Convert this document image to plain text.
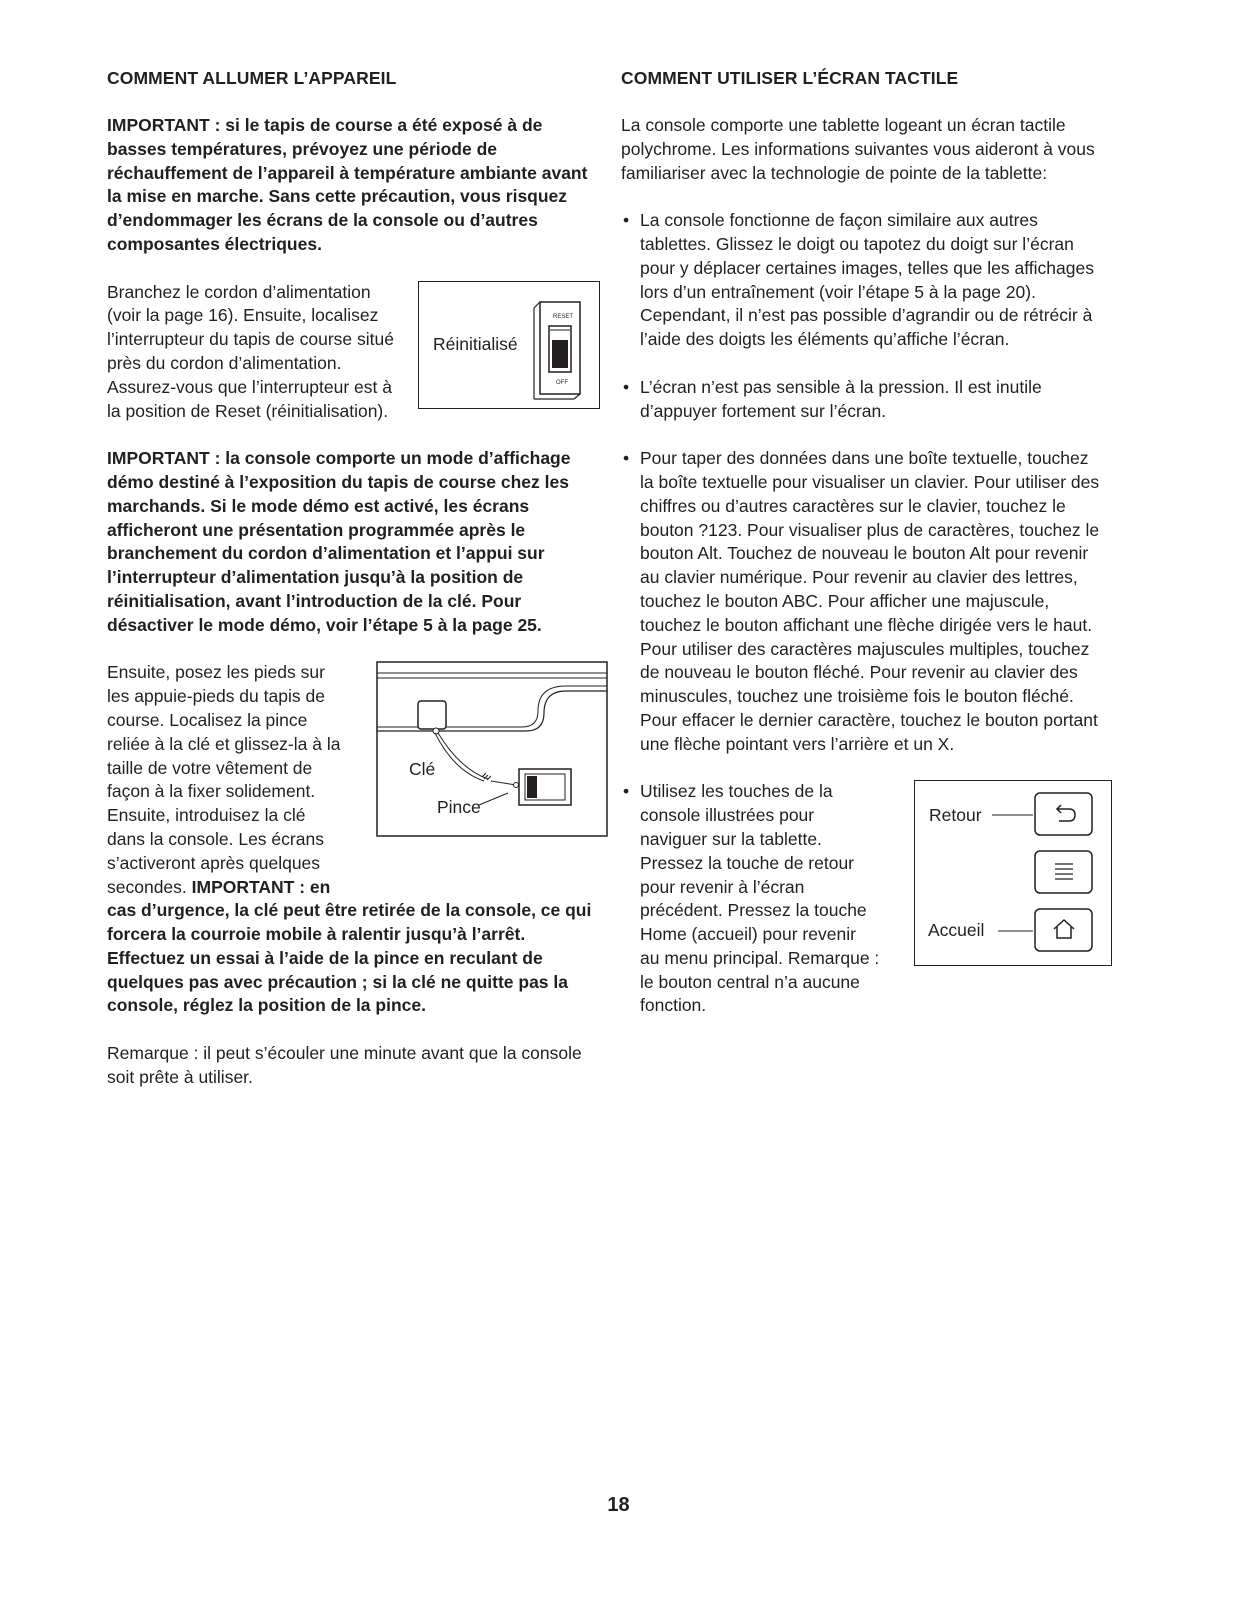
COMMENT ALLUMER L’APPAREIL

IMPORTANT : si le tapis de course a été exposé à de basses températures, prévoyez une période de réchauffement de l’appareil à température ambiante avant la mise en marche. Sans cette précaution, vous risquez d’endommager les écrans de la console ou d’autres composantes électriques.

Réinitialisé
RESET
OFF

Branchez le cordon d’alimentation (voir la page 16). Ensuite, localisez l’interrupteur du tapis de course situé près du cordon d’alimentation. Assurez-vous que l’interrupteur est à la position de Reset (réinitialisation).

IMPORTANT : la console comporte un mode d’affichage démo destiné à l’exposition du tapis de course chez les marchands. Si le mode démo est activé, les écrans afficheront une présentation programmée après le branchement du cordon d’alimentation et l’appui sur l’interrupteur d’alimentation jusqu’à la position de réinitialisation, avant l’introduction de la clé. Pour désactiver le mode démo, voir l’étape 5 à la page 25.

Clé
Pince

Ensuite, posez les pieds sur les appuie-pieds du tapis de course. Localisez la pince reliée à la clé et glissez-la à la taille de votre vêtement de façon à la fixer solidement. Ensuite, introduisez la clé dans la console. Les écrans s’activeront après quelques secondes. IMPORTANT : en cas d’urgence, la clé peut être retirée de la console, ce qui forcera la courroie mobile à ralentir jusqu’à l’arrêt. Effectuez un essai à l’aide de la pince en reculant de quelques pas avec précaution ; si la clé ne quitte pas la console, réglez la position de la pince.

Remarque : il peut s’écouler une minute avant que la console soit prête à utiliser.

COMMENT UTILISER L’ÉCRAN TACTILE

La console comporte une tablette logeant un écran tactile polychrome. Les informations suivantes vous aideront à vous familiariser avec la technologie de pointe de la tablette:

• La console fonctionne de façon similaire aux autres tablettes. Glissez le doigt ou tapotez du doigt sur l’écran pour y déplacer certaines images, telles que les affichages lors d’un entraînement (voir l’étape 5 à la page 20). Cependant, il n’est pas possible d’agrandir ou de rétrécir à l’aide des doigts les éléments qu’affiche l’écran.
• L’écran n’est pas sensible à la pression. Il est inutile d’appuyer fortement sur l’écran.
• Pour taper des données dans une boîte textuelle, touchez la boîte textuelle pour visualiser un clavier. Pour utiliser des chiffres ou d’autres caractères sur le clavier, touchez le bouton ?123. Pour visualiser plus de caractères, touchez le bouton Alt. Touchez de nouveau le bouton Alt pour revenir au clavier numérique. Pour revenir au clavier des lettres, touchez le bouton ABC. Pour afficher une majuscule, touchez le bouton affichant une flèche dirigée vers le haut. Pour utiliser des caractères majuscules multiples, touchez de nouveau le bouton fléché. Pour revenir au clavier des minuscules, touchez une troisième fois le bouton fléché. Pour effacer le dernier caractère, touchez le bouton portant une flèche pointant vers l’arrière et un X.
•
Retour
Accueil
Utilisez les touches de la console illustrées pour naviguer sur la tablette. Pressez la touche de retour pour revenir à l’écran précédent. Pressez la touche Home (accueil) pour revenir au menu principal. Remarque : le bouton central n’a aucune fonction.
18
